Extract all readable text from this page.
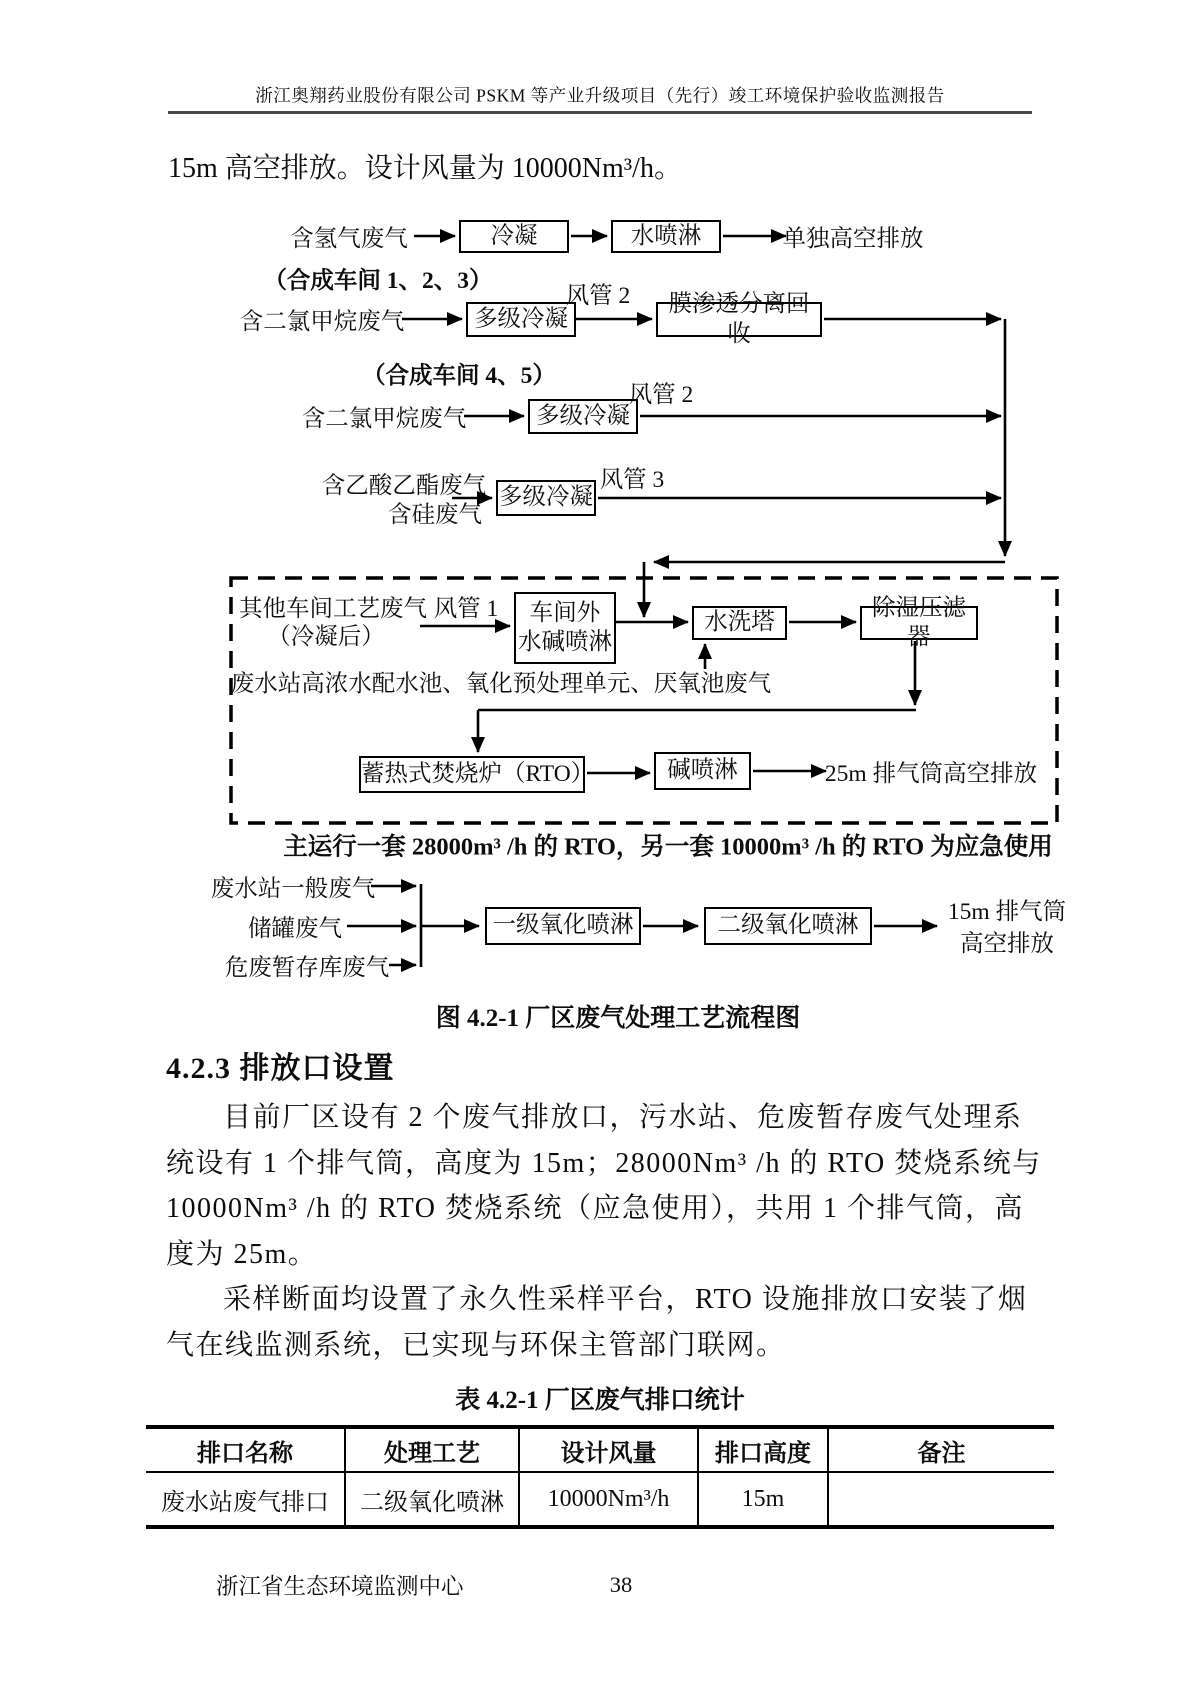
浙江奥翔药业股份有限公司 PSKM 等产业升级项目（先行）竣工环境保护验收监测报告
15m 高空排放。设计风量为 10000Nm³/h。
含氢气废气	冷凝	水喷淋	单独高空排放
（合成车间 1、2、3）
含二氯甲烷废气	多级冷凝
风管 2	膜渗透分离回收
（合成车间 4、5）
含二氯甲烷废气	多级冷凝
风管 2
含乙酸乙酯废气
含硅废气
多级冷凝
风管 3
其他车间工艺废气
（冷凝后）
风管 1 车间外
水碱喷淋
水洗塔
除湿压滤器
废水站高浓水配水池、氧化预处理单元、厌氧池废气
蓄热式焚烧炉（RTO）	碱喷淋	25m 排气筒高空排放
主运行一套 28000m³ /h 的 RTO，另一套 10000m³ /h 的 RTO 为应急使用
废水站一般废气
储罐废气
危废暂存库废气
一级氧化喷淋	二级氧化喷淋
15m 排气筒
高空排放
图 4.2-1 厂区废气处理工艺流程图
4.2.3 排放口设置
目前厂区设有 2 个废气排放口，污水站、危废暂存废气处理系
统设有 1 个排气筒，高度为 15m；28000Nm³ /h 的 RTO 焚烧系统与
10000Nm³ /h 的 RTO 焚烧系统（应急使用），共用 1 个排气筒，高
度为 25m。
采样断面均设置了永久性采样平台，RTO 设施排放口安装了烟
气在线监测系统，已实现与环保主管部门联网。
表 4.2-1 厂区废气排口统计
排口名称	处理工艺	设计风量	排口高度	备注
废水站废气排口	二级氧化喷淋	10000Nm³/h	15m	
浙江省生态环境监测中心	38
